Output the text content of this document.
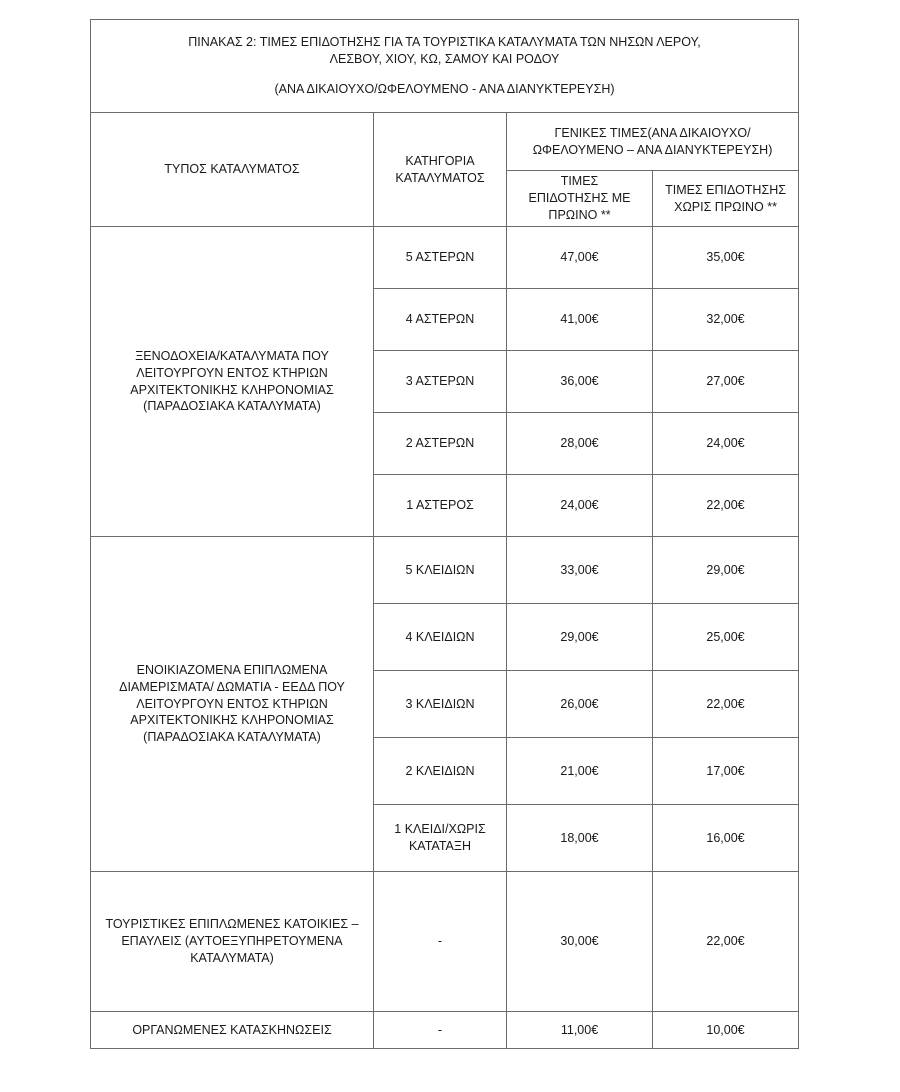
ΠΙΝΑΚΑΣ 2: ΤΙΜΕΣ ΕΠΙΔΟΤΗΣΗΣ ΓΙΑ ΤΑ ΤΟΥΡΙΣΤΙΚΑ ΚΑΤΑΛΥΜΑΤΑ ΤΩΝ ΝΗΣΩΝ ΛΕΡΟΥ,
ΛΕΣΒΟΥ, ΧΙΟΥ, ΚΩ, ΣΑΜΟΥ ΚΑΙ ΡΟΔΟΥ
(ΑΝΑ ΔΙΚΑΙΟΥΧΟ/ΩΦΕΛΟΥΜΕΝΟ - ΑΝΑ ΔΙΑΝΥΚΤΕΡΕΥΣΗ)			

ΤΥΠΟΣ ΚΑΤΑΛΥΜΑΤΟΣ	ΚΑΤΗΓΟΡΙΑ ΚΑΤΑΛΥΜΑΤΟΣ	ΓΕΝΙΚΕΣ ΤΙΜΕΣ(ΑΝΑ ΔΙΚΑΙΟΥΧΟ/ ΩΦΕΛΟΥΜΕΝΟ – ΑΝΑ ΔΙΑΝΥΚΤΕΡΕΥΣΗ)	
		ΤΙΜΕΣ ΕΠΙΔΟΤΗΣΗΣ ΜΕ ΠΡΩΙΝΟ **	ΤΙΜΕΣ ΕΠΙΔΟΤΗΣΗΣ ΧΩΡΙΣ ΠΡΩΙΝΟ **
ΞΕΝΟΔΟΧΕΙΑ/ΚΑΤΑΛΥΜΑΤΑ ΠΟΥ ΛΕΙΤΟΥΡΓΟΥΝ ΕΝΤΟΣ ΚΤΗΡΙΩΝ ΑΡΧΙΤΕΚΤΟΝΙΚΗΣ ΚΛΗΡΟΝΟΜΙΑΣ (ΠΑΡΑΔΟΣΙΑΚΑ ΚΑΤΑΛΥΜΑΤΑ)	5 ΑΣΤΕΡΩΝ	47,00€	35,00€
	4 ΑΣΤΕΡΩΝ	41,00€	32,00€
	3 ΑΣΤΕΡΩΝ	36,00€	27,00€
	2 ΑΣΤΕΡΩΝ	28,00€	24,00€
	1 ΑΣΤΕΡΟΣ	24,00€	22,00€
ΕΝΟΙΚΙΑΖΟΜΕΝΑ ΕΠΙΠΛΩΜΕΝΑ ΔΙΑΜΕΡΙΣΜΑΤΑ/ ΔΩΜΑΤΙΑ - ΕΕΔΔ ΠΟΥ ΛΕΙΤΟΥΡΓΟΥΝ ΕΝΤΟΣ ΚΤΗΡΙΩΝ ΑΡΧΙΤΕΚΤΟΝΙΚΗΣ ΚΛΗΡΟΝΟΜΙΑΣ (ΠΑΡΑΔΟΣΙΑΚΑ ΚΑΤΑΛΥΜΑΤΑ)	5 ΚΛΕΙΔΙΩΝ	33,00€	29,00€
	4 ΚΛΕΙΔΙΩΝ	29,00€	25,00€
	3 ΚΛΕΙΔΙΩΝ	26,00€	22,00€
	2 ΚΛΕΙΔΙΩΝ	21,00€	17,00€
	1 ΚΛΕΙΔΙ/ΧΩΡΙΣ ΚΑΤΑΤΑΞΗ	18,00€	16,00€
ΤΟΥΡΙΣΤΙΚΕΣ ΕΠΙΠΛΩΜΕΝΕΣ ΚΑΤΟΙΚΙΕΣ –ΕΠΑΥΛΕΙΣ (ΑΥΤΟΕΞΥΠΗΡΕΤΟΥΜΕΝΑ ΚΑΤΑΛΥΜΑΤΑ)	-	30,00€	22,00€
ΟΡΓΑΝΩΜΕΝΕΣ ΚΑΤΑΣΚΗΝΩΣΕΙΣ	-	11,00€	10,00€
